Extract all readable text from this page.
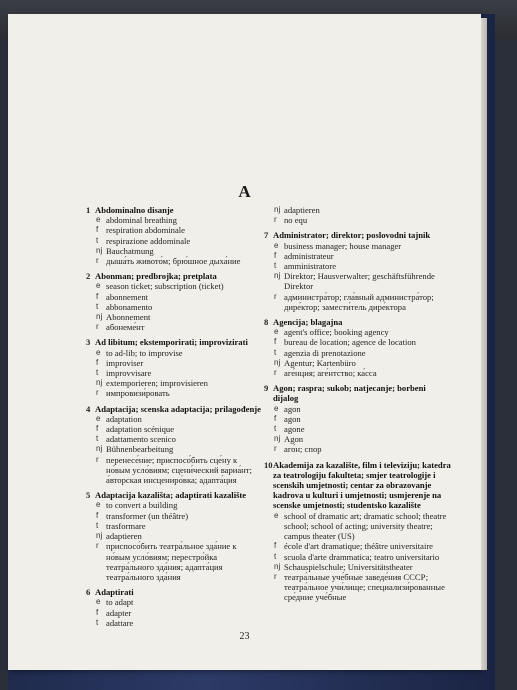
A
1 Abdominalno disanje
e abdominal breathing
f respiration abdominale
t respirazione addominale
nj Bauchatmung
r дыша́ть живото́м; брю́шное дыха́ние
2 Abonman; predbrojka; pretplata
e season ticket; subscription (ticket)
f abonnement
t abbonamento
nj Abonnement
r абонеме́нт
3 Ad libitum; ekstemporirati; improvizirati
e to ad-lib; to improvise
f improviser
t improvvisare
nj extemporieren; improvisieren
r импровизи́ровать
4 Adaptacija; scenska adaptacija; prilagođenje
e adaptation
f adaptation scénique
t adattamento scenico
nj Bühnenbearbeitung
r перенесе́ние; приспосо́бить сце́ну к но́вым усло́виям; сцени́ческий вариа́нт; а́вторская инсцениро́вка; адапта́ция
5 Adaptacija kazališta; adaptirati kazalište
e to convert a building
f transformer (un théâtre)
t trasformare
nj adaptieren
r приспосо́бить театра́льное зда́ние к но́вым усло́виям; перестро́йка театра́льного зда́ния; адапта́ция театра́льного зда́ния
6 Adaptirati
e to adapt
f adapter
t adattare
nj adaptieren
r no equ
7 Administrator; direktor; poslovodni tajnik
e business manager; house manager
f administrateur
t amministratore
nj Direktor; Hausverwalter; geschäftsführende Direktor
r администра́тор; гла́вный администра́тор; дире́ктор; замести́тель дире́ктора
8 Agencija; blagajna
e agent's office; booking agency
f bureau de location; agence de location
t agenzia di prenotazione
nj Agentur; Kartenbüro
r аге́нция; аге́нтство; ка́сса
9 Agon; raspra; sukob; natjecanje; borbeni dijalog
e agon
f agon
t agone
nj Agon
r аго́н; спор
10 Akademija za kazalište, film i televiziju; katedra za teatrologiju fakulteta; smjer teatrologije i scenskih umjetnosti; centar za obrazovanje kadrova u kulturi i umjetnosti; usmjerenje na scenske umjetnosti; studentsko kazalište
e school of dramatic art; dramatic school; theatre school; school of acting; university theatre; campus theater (US)
f école d'art dramatique; théâtre universitaire
t scuola d'arte drammatica; teatro universitario
nj Schauspielschule; Universitätstheater
r театра́льные уче́бные заведе́ния СССР; театра́льное учи́лище; специализи́рованные сре́дние уче́бные
23
